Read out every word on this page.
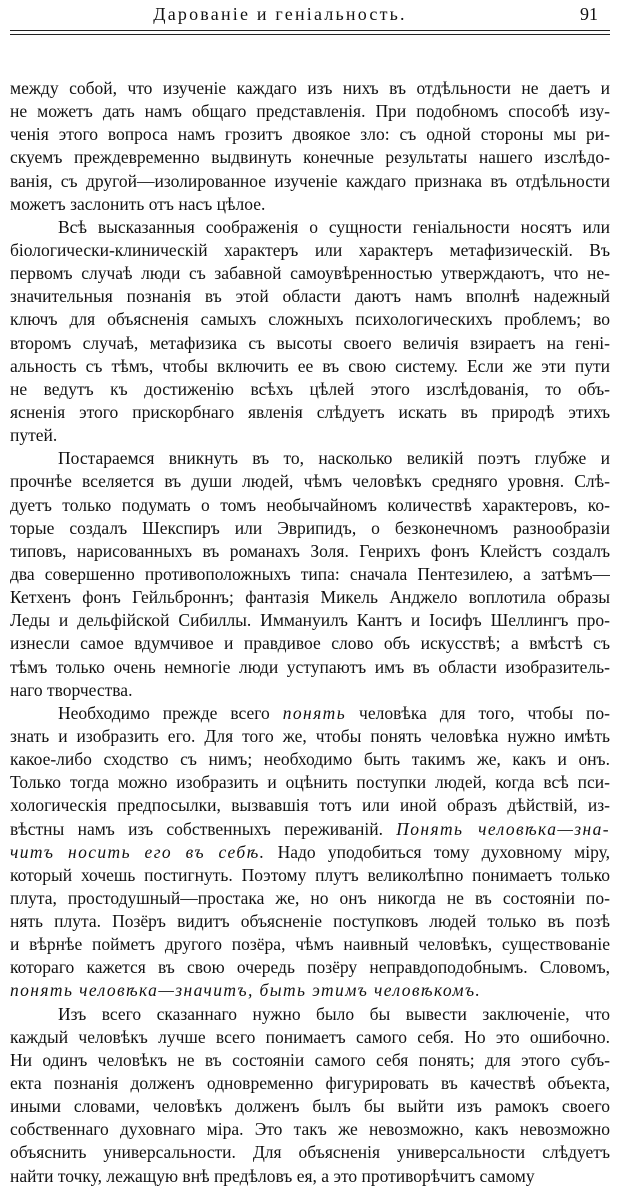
Дарованіе и геніальность.	91
между собой, что изученіе каждаго изъ нихъ въ отдѣльности не даетъ и
не можетъ дать намъ общаго представленія. При подобномъ способѣ изу-
ченія этого вопроса намъ грозитъ двоякое зло: съ одной стороны мы ри-
скуемъ преждевременно выдвинуть конечные результаты нашего изслѣдо-
ванія, съ другой—изолированное изученіе каждаго признака въ отдѣльности
можетъ заслонить отъ насъ цѣлое.
Всѣ высказанныя соображенія о сущности геніальности носятъ или
біологически-клиническій характеръ или характеръ метафизическій. Въ
первомъ случаѣ люди съ забавной самоувѣренностью утверждаютъ, что не-
значительныя познанія въ этой области даютъ намъ вполнѣ надежный
ключъ для объясненія самыхъ сложныхъ психологическихъ проблемъ; во
второмъ случаѣ, метафизика съ высоты своего величія взираетъ на гені-
альность съ тѣмъ, чтобы включить ее въ свою систему. Если же эти пути
не ведутъ къ достиженію всѣхъ цѣлей этого изслѣдованія, то объ-
ясненія этого прискорбнаго явленія слѣдуетъ искать въ природѣ этихъ
путей.
Постараемся вникнуть въ то, насколько великій поэтъ глубже и
прочнѣе вселяется въ души людей, чѣмъ человѣкъ средняго уровня. Слѣ-
дуетъ только подумать о томъ необычайномъ количествѣ характеровъ, ко-
торые создалъ Шекспиръ или Эврипидъ, о безконечномъ разнообразіи
типовъ, нарисованныхъ въ романахъ Золя. Генрихъ фонъ Клейстъ создалъ
два совершенно противоположныхъ типа: сначала Пентезилею, а затѣмъ—
Кетхенъ фонъ Гейльброннъ; фантазія Микель Анджело воплотила образы
Леды и дельфійской Сибиллы. Иммануилъ Кантъ и Іосифъ Шеллингъ про-
изнесли самое вдумчивое и правдивое слово объ искусствѣ; а вмѣстѣ съ
тѣмъ только очень немногіе люди уступаютъ имъ въ области изобразитель-
наго творчества.
Необходимо прежде всего понять человѣка для того, чтобы по-
знать и изобразить его. Для того же, чтобы понять человѣка нужно имѣть
какое-либо сходство съ нимъ; необходимо быть такимъ же, какъ и онъ.
Только тогда можно изобразить и оцѣнить поступки людей, когда всѣ пси-
хологическія предпосылки, вызвавшія тотъ или иной образъ дѣйствій, из-
вѣстны намъ изъ собственныхъ переживаній. Понять человѣка—зна-
читъ носить его въ себѣ. Надо уподобиться тому духовному міру,
который хочешь постигнуть. Поэтому плутъ великолѣпно понимаетъ только
плута, простодушный—простака же, но онъ никогда не въ состояніи по-
нять плута. Позёръ видитъ объясненіе поступковъ людей только въ позѣ
и вѣрнѣе пойметъ другого позёра, чѣмъ наивный человѣкъ, существованіе
котораго кажется въ свою очередь позёру неправдоподобнымъ. Словомъ,
понять человѣка—значитъ, быть этимъ человѣкомъ.
Изъ всего сказаннаго нужно было бы вывести заключеніе, что
каждый человѣкъ лучше всего понимаетъ самого себя. Но это ошибочно.
Ни одинъ человѣкъ не въ состояніи самого себя понять; для этого субъ-
екта познанія долженъ одновременно фигурировать въ качествѣ объекта,
иными словами, человѣкъ долженъ былъ бы выйти изъ рамокъ своего
собственнаго духовнаго міра. Это такъ же невозможно, какъ невозможно
объяснить универсальности. Для объясненія универсальности слѣдуетъ
найти точку, лежащую внѣ предѣловъ ея, а это противорѣчитъ самому
